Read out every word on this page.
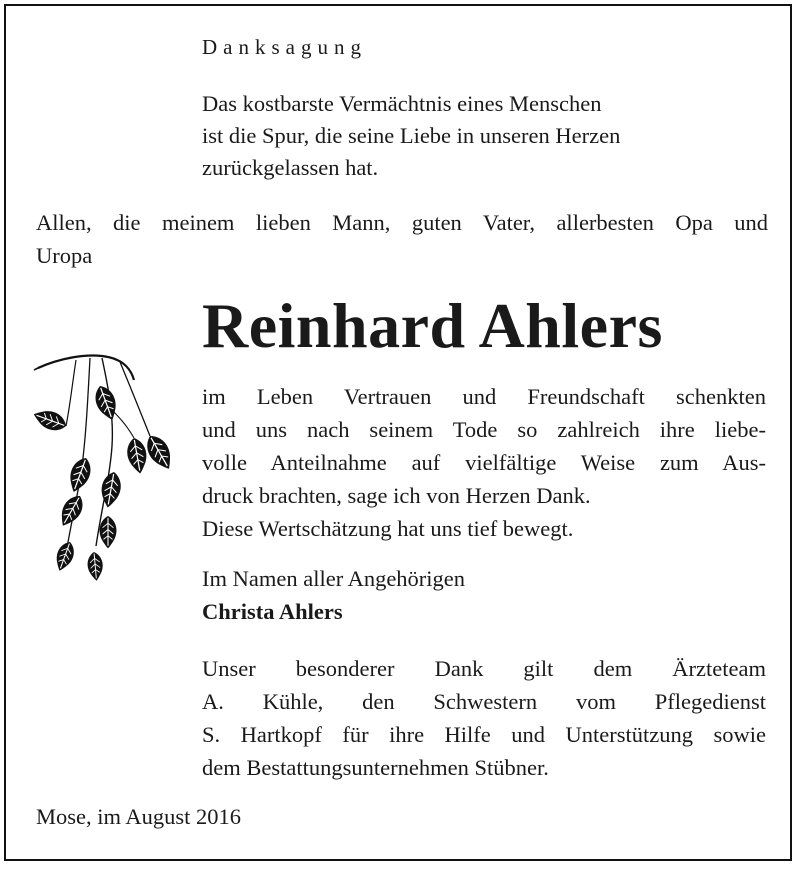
Danksagung
Das kostbarste Vermächtnis eines Menschen
ist die Spur, die seine Liebe in unseren Herzen
zurückgelassen hat.
Allen, die meinem lieben Mann, guten Vater, allerbesten Opa und
Uropa
Reinhard Ahlers
im Leben Vertrauen und Freundschaft schenkten
und uns nach seinem Tode so zahlreich ihre liebe-
volle Anteilnahme auf vielfältige Weise zum Aus-
druck brachten, sage ich von Herzen Dank.
Diese Wertschätzung hat uns tief bewegt.
Im Namen aller Angehörigen
Christa Ahlers
Unser besonderer Dank gilt dem Ärzteteam
A. Kühle, den Schwestern vom Pflegedienst
S. Hartkopf für ihre Hilfe und Unterstützung sowie
dem Bestattungsunternehmen Stübner.
Mose, im August 2016
